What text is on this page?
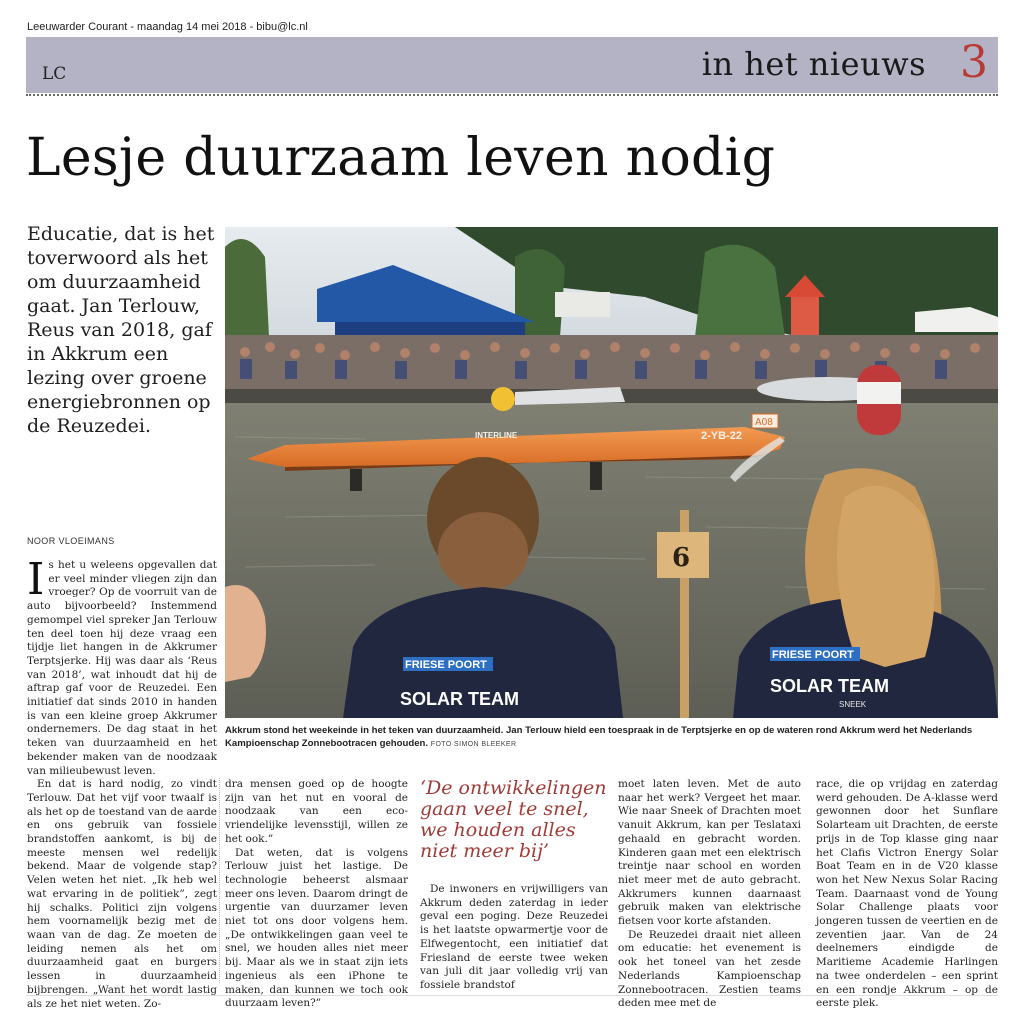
Leeuwarder Courant - maandag 14 mei 2018 - bibu@lc.nl
LC	in het nieuws 3
Lesje duurzaam leven nodig

Educatie, dat is het toverwoord als het om duurzaamheid gaat. Jan Terlouw, Reus van 2018, gaf in Akkrum een lezing over groene energiebronnen op de Reuzedei.

NOOR VLOEIMANS
A08
2-YB-22
INTERLINE
6
FRIESE POORT
SOLAR TEAM
FRIESE POORT
SOLAR TEAM
SNEEK
Akkrum stond het weekeinde in het teken van duurzaamheid. Jan Terlouw hield een toespraak in de Terptsjerke en op de wateren rond Akkrum werd het Nederlands Kampioenschap Zonnebootracen gehouden. FOTO SIMON BLEEKER

Is het u weleens opgevallen dat er veel minder vliegen zijn dan vroeger? Op de voorruit van de auto bijvoorbeeld? Instemmend gemompel viel spreker Jan Terlouw ten deel toen hij deze vraag een tijdje liet hangen in de Akkrumer Terptsjerke. Hij was daar als ‘Reus van 2018’, wat inhoudt dat hij de aftrap gaf voor de Reuzedei. Een initiatief dat sinds 2010 in handen is van een kleine groep Akkrumer ondernemers. De dag staat in het teken van duurzaamheid en het bekender maken van de noodzaak van milieubewust leven.

En dat is hard nodig, zo vindt Terlouw. Dat het vijf voor twaalf is als het op de toestand van de aarde en ons gebruik van fossiele brandstoffen aankomt, is bij de meeste mensen wel redelijk bekend. Maar de volgende stap? Velen weten het niet. „Ik heb wel wat ervaring in de politiek”, zegt hij schalks. Politici zijn volgens hem voornamelijk bezig met de waan van de dag. Ze moeten de leiding nemen als het om duurzaamheid gaat en burgers lessen in duurzaamheid bijbrengen. „Want het wordt lastig als ze het niet weten. Zo-

dra mensen goed op de hoogte zijn van het nut en vooral de noodzaak van een eco-vriendelijke levensstijl, willen ze het ook.”

Dat weten, dat is volgens Terlouw juist het lastige. De technologie beheerst alsmaar meer ons leven. Daarom dringt de urgentie van duurzamer leven niet tot ons door volgens hem. „De ontwikkelingen gaan veel te snel, we houden alles niet meer bij. Maar als we in staat zijn iets ingenieus als een iPhone te maken, dan kunnen we toch ook duurzaam leven?”

‘De ontwikkelingen gaan veel te snel, we houden alles niet meer bij’

De inwoners en vrijwilligers van Akkrum deden zaterdag in ieder geval een poging. Deze Reuzedei is het laatste opwarmertje voor de Elfwegentocht, een initiatief dat Friesland de eerste twee weken van juli dit jaar volledig vrij van fossiele brandstof

moet laten leven. Met de auto naar het werk? Vergeet het maar. Wie naar Sneek of Drachten moet vanuit Akkrum, kan per Teslataxi gehaald en gebracht worden. Kinderen gaan met een elektrisch treintje naar school en worden niet meer met de auto gebracht. Akkrumers kunnen daarnaast gebruik maken van elektrische fietsen voor korte afstanden.

De Reuzedei draait niet alleen om educatie: het evenement is ook het toneel van het zesde Nederlands Kampioenschap Zonnebootracen. Zestien teams deden mee met de

race, die op vrijdag en zaterdag werd gehouden. De A-klasse werd gewonnen door het Sunflare Solarteam uit Drachten, de eerste prijs in de Top klasse ging naar het Clafis Victron Energy Solar Boat Team en in de V20 klasse won het New Nexus Solar Racing Team. Daarnaast vond de Young Solar Challenge plaats voor jongeren tussen de veertien en de zeventien jaar. Van de 24 deelnemers eindigde de Maritieme Academie Harlingen na twee onderdelen – een sprint en een rondje Akkrum – op de eerste plek.
